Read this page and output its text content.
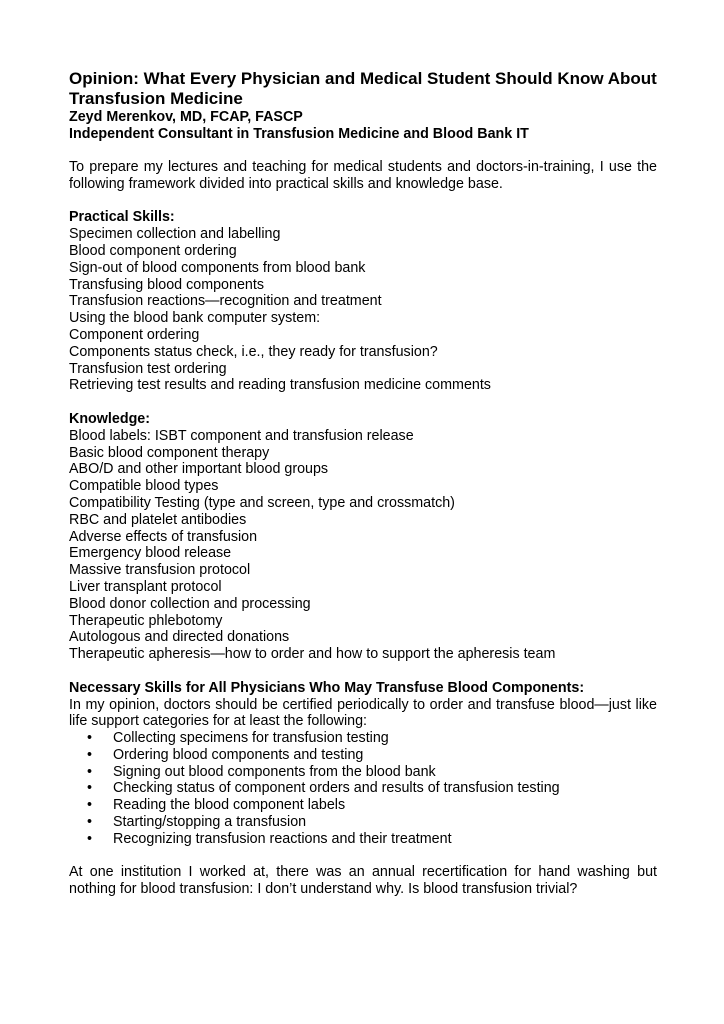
Opinion: What Every Physician and Medical Student Should Know About Transfusion Medicine

Zeyd Merenkov, MD, FCAP, FASCP

Independent Consultant in Transfusion Medicine and Blood Bank IT

To prepare my lectures and teaching for medical students and doctors-in-training, I use the following framework divided into practical skills and knowledge base.

Practical Skills:

Specimen collection and labelling
Blood component ordering
Sign-out of blood components from blood bank
Transfusing blood components
Transfusion reactions—recognition and treatment
Using the blood bank computer system:
Component ordering
Components status check, i.e., they ready for transfusion?
Transfusion test ordering
Retrieving test results and reading transfusion medicine comments

Knowledge:

Blood labels: ISBT component and transfusion release
Basic blood component therapy
ABO/D and other important blood groups
Compatible blood types
Compatibility Testing (type and screen, type and crossmatch)
RBC and platelet antibodies
Adverse effects of transfusion
Emergency blood release
Massive transfusion protocol
Liver transplant protocol
Blood donor collection and processing
Therapeutic phlebotomy
Autologous and directed donations
Therapeutic apheresis—how to order and how to support the apheresis team

Necessary Skills for All Physicians Who May Transfuse Blood Components:

In my opinion, doctors should be certified periodically to order and transfuse blood—just like life support categories for at least the following:

• Collecting specimens for transfusion testing
• Ordering blood components and testing
• Signing out blood components from the blood bank
• Checking status of component orders and results of transfusion testing
• Reading the blood component labels
• Starting/stopping a transfusion
• Recognizing transfusion reactions and their treatment

At one institution I worked at, there was an annual recertification for hand washing but nothing for blood transfusion: I don’t understand why. Is blood transfusion trivial?
